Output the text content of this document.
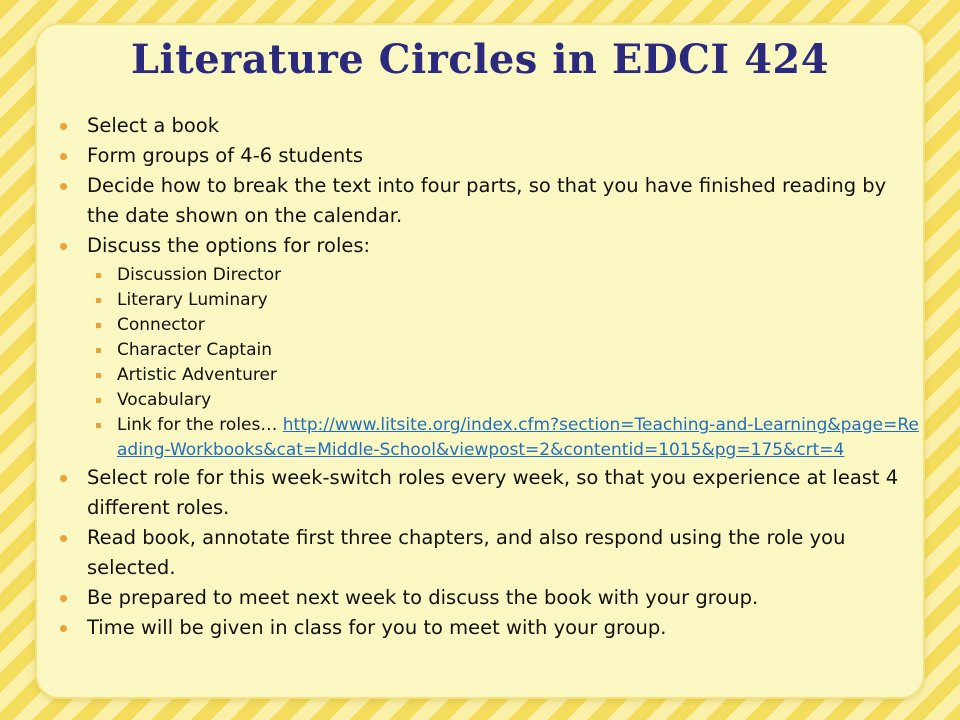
Literature Circles in EDCI 424
Select a book
Form groups of 4-6 students
Decide how to break the text into four parts, so that you have finished reading by the date shown on the calendar.
Discuss the options for roles:
Discussion Director
Literary Luminary
Connector
Character Captain
Artistic Adventurer
Vocabulary
Link for the roles… http://www.litsite.org/index.cfm?section=Teaching-and-Learning&page=Reading-Workbooks&cat=Middle-School&viewpost=2&contentid=1015&pg=175&crt=4
Select role for this week-switch roles every week, so that you experience at least 4 different roles.
Read book, annotate first three chapters, and also respond using the role you selected.
Be prepared to meet next week to discuss the book with your group.
Time will be given in class for you to meet with your group.
